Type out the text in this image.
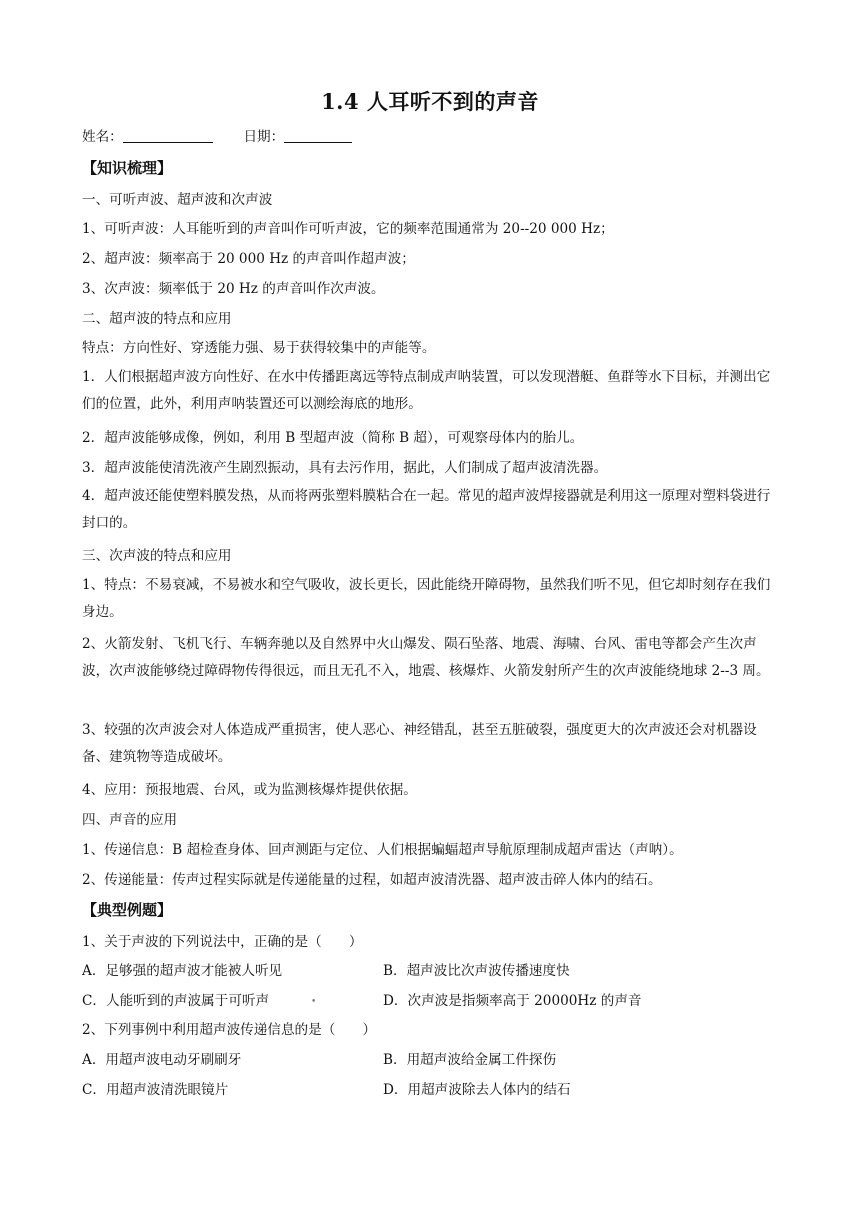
1.4 人耳听不到的声音
姓名：	日期：
【知识梳理】
一、可听声波、超声波和次声波
1、可听声波：人耳能听到的声音叫作可听声波，它的频率范围通常为 20--20 000 Hz；
2、超声波：频率高于 20 000 Hz 的声音叫作超声波；
3、次声波：频率低于 20 Hz 的声音叫作次声波。
二、超声波的特点和应用
特点：方向性好、穿透能力强、易于获得较集中的声能等。
1．人们根据超声波方向性好、在水中传播距离远等特点制成声呐装置，可以发现潜艇、鱼群等水下目标，并测出它们的位置，此外，利用声呐装置还可以测绘海底的地形。
2．超声波能够成像，例如，利用 B 型超声波（简称 B 超），可观察母体内的胎儿。
3．超声波能使清洗液产生剧烈振动，具有去污作用，据此，人们制成了超声波清洗器。
4．超声波还能使塑料膜发热，从而将两张塑料膜粘合在一起。常见的超声波焊接器就是利用这一原理对塑料袋进行封口的。
三、次声波的特点和应用
1、特点：不易衰减，不易被水和空气吸收，波长更长，因此能绕开障碍物，虽然我们听不见，但它却时刻存在我们身边。
2、火箭发射、飞机飞行、车辆奔驰以及自然界中火山爆发、陨石坠落、地震、海啸、台风、雷电等都会产生次声波，次声波能够绕过障碍物传得很远，而且无孔不入，地震、核爆炸、火箭发射所产生的次声波能绕地球 2--3 周。
3、较强的次声波会对人体造成严重损害，使人恶心、神经错乱，甚至五脏破裂，强度更大的次声波还会对机器设备、建筑物等造成破坏。
4、应用：预报地震、台风，或为监测核爆炸提供依据。
四、声音的应用
1、传递信息：B 超检查身体、回声测距与定位、人们根据蝙蝠超声导航原理制成超声雷达（声呐）。
2、传递能量：传声过程实际就是传递能量的过程，如超声波清洗器、超声波击碎人体内的结石。
【典型例题】
1、关于声波的下列说法中，正确的是（　　）
A．足够强的超声波才能被人听见	B．超声波比次声波传播速度快
C．人能听到的声波属于可听声	•	D．次声波是指频率高于 20000Hz 的声音
2、下列事例中利用超声波传递信息的是（　　）
A．用超声波电动牙刷刷牙	B．用超声波给金属工件探伤
C．用超声波清洗眼镜片	D．用超声波除去人体内的结石
